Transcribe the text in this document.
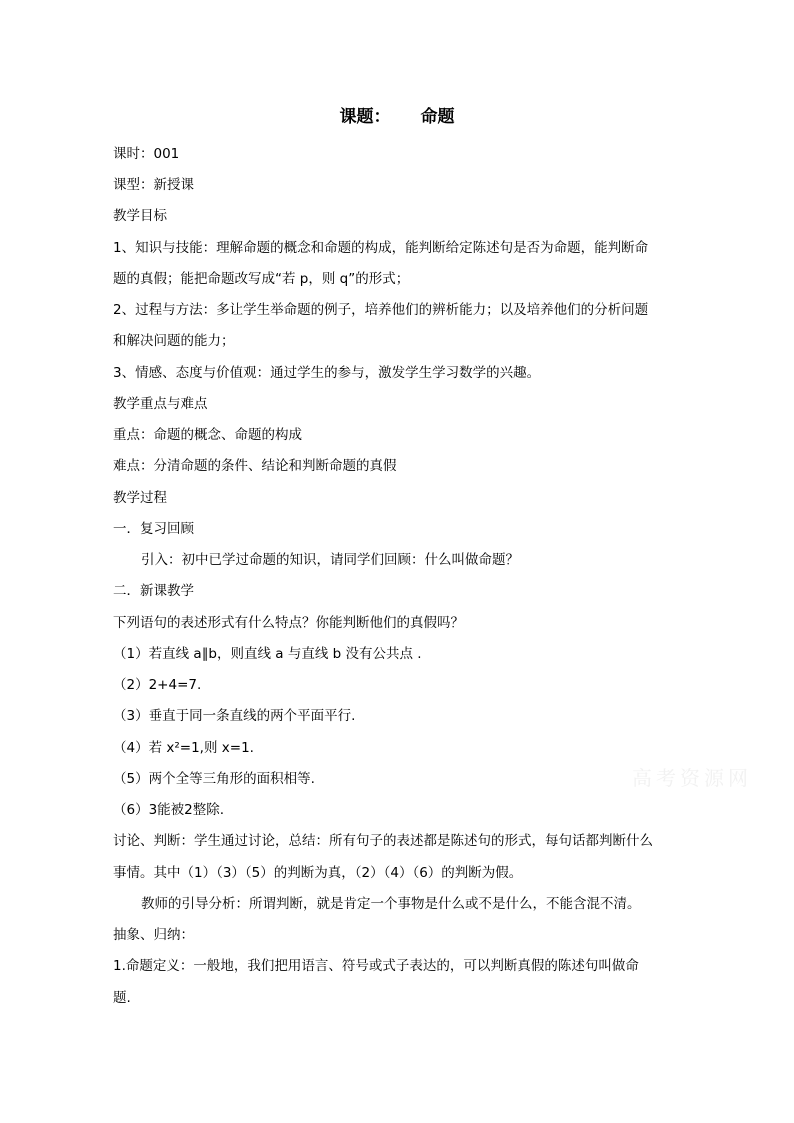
课题： 命题
课时：001
课型：新授课
教学目标
1、知识与技能：理解命题的概念和命题的构成，能判断给定陈述句是否为命题，能判断命
题的真假；能把命题改写成“若 p，则 q”的形式；
2、过程与方法：多让学生举命题的例子，培养他们的辨析能力；以及培养他们的分析问题
和解决问题的能力；
3、情感、态度与价值观：通过学生的参与，激发学生学习数学的兴趣。
教学重点与难点
重点：命题的概念、命题的构成
难点：分清命题的条件、结论和判断命题的真假
教学过程
一．复习回顾
引入：初中已学过命题的知识，请同学们回顾：什么叫做命题？
二．新课教学
下列语句的表述形式有什么特点？你能判断他们的真假吗？
（1）若直线 a∥b，则直线 a 与直线 b 没有公共点 .
（2）2+4=7.
（3）垂直于同一条直线的两个平面平行.
（4）若 x²=1,则 x=1.
（5）两个全等三角形的面积相等.
（6）3能被2整除.
讨论、判断：学生通过讨论，总结：所有句子的表述都是陈述句的形式，每句话都判断什么
事情。其中（1）（3）（5）的判断为真，（2）（4）（6）的判断为假。
教师的引导分析：所谓判断，就是肯定一个事物是什么或不是什么，不能含混不清。
抽象、归纳：
1.命题定义：一般地，我们把用语言、符号或式子表达的，可以判断真假的陈述句叫做命
题.
高考资源网
